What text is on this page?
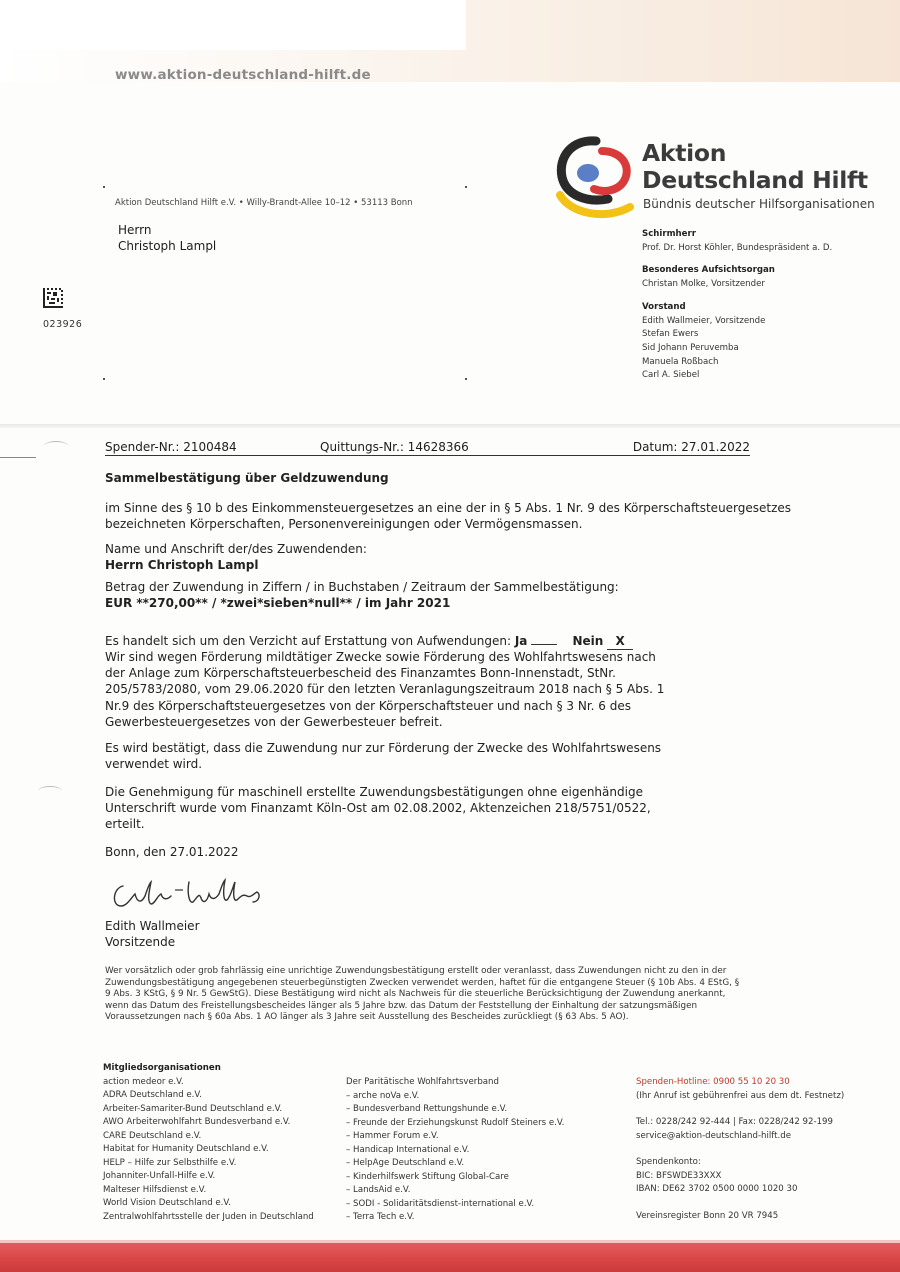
www.aktion-deutschland-hilft.de
Aktion
Deutschland Hilft
Bündnis deutscher Hilfsorganisationen
Aktion Deutschland Hilft e.V. • Willy-Brandt-Allee 10–12 • 53113 Bonn
Herrn
Christoph Lampl
023926
Schirmherr
Prof. Dr. Horst Köhler, Bundespräsident a. D.
Besonderes Aufsichtsorgan
Christan Molke, Vorsitzender
Vorstand
Edith Wallmeier, Vorsitzende
Stefan Ewers
Sid Johann Peruvemba
Manuela Roßbach
Carl A. Siebel
Spender-Nr.: 2100484	Quittungs-Nr.: 14628366	Datum: 27.01.2022
Sammelbestätigung über Geldzuwendung
im Sinne des § 10 b des Einkommensteuergesetzes an eine der in § 5 Abs. 1 Nr. 9 des Körperschaftsteuergesetzes
bezeichneten Körperschaften, Personenvereinigungen oder Vermögensmassen.
Name und Anschrift der/des Zuwendenden:
Herrn Christoph Lampl
Betrag der Zuwendung in Ziffern / in Buchstaben / Zeitraum der Sammelbestätigung:
EUR **270,00** / *zwei*sieben*null** / im Jahr 2021
Es handelt sich um den Verzicht auf Erstattung von Aufwendungen: Ja	Nein X
Wir sind wegen Förderung mildtätiger Zwecke sowie Förderung des Wohlfahrtswesens nach
der Anlage zum Körperschaftsteuerbescheid des Finanzamtes Bonn-Innenstadt, StNr.
205/5783/2080, vom 29.06.2020 für den letzten Veranlagungszeitraum 2018 nach § 5 Abs. 1
Nr.9 des Körperschaftsteuergesetzes von der Körperschaftsteuer und nach § 3 Nr. 6 des
Gewerbesteuergesetzes von der Gewerbesteuer befreit.
Es wird bestätigt, dass die Zuwendung nur zur Förderung der Zwecke des Wohlfahrtswesens
verwendet wird.
Die Genehmigung für maschinell erstellte Zuwendungsbestätigungen ohne eigenhändige
Unterschrift wurde vom Finanzamt Köln-Ost am 02.08.2002, Aktenzeichen 218/5751/0522,
erteilt.
Bonn, den 27.01.2022
Edith Wallmeier
Vorsitzende
Wer vorsätzlich oder grob fahrlässig eine unrichtige Zuwendungsbestätigung erstellt oder veranlasst, dass Zuwendungen nicht zu den in der Zuwendungsbestätigung angegebenen steuerbegünstigten Zwecken verwendet werden, haftet für die entgangene Steuer (§ 10b Abs. 4 EStG, § 9 Abs. 3 KStG, § 9 Nr. 5 GewStG). Diese Bestätigung wird nicht als Nachweis für die steuerliche Berücksichtigung der Zuwendung anerkannt, wenn das Datum des Freistellungsbescheides länger als 5 Jahre bzw. das Datum der Feststellung der Einhaltung der satzungsmäßigen Voraussetzungen nach § 60a Abs. 1 AO länger als 3 Jahre seit Ausstellung des Bescheides zurückliegt (§ 63 Abs. 5 AO).
Mitgliedsorganisationen
action medeor e.V.
ADRA Deutschland e.V.
Arbeiter-Samariter-Bund Deutschland e.V.
AWO Arbeiterwohlfahrt Bundesverband e.V.
CARE Deutschland e.V.
Habitat for Humanity Deutschland e.V.
HELP – Hilfe zur Selbsthilfe e.V.
Johanniter-Unfall-Hilfe e.V.
Malteser Hilfsdienst e.V.
World Vision Deutschland e.V.
Zentralwohlfahrtsstelle der Juden in Deutschland
Der Paritätische Wohlfahrtsverband
– arche noVa e.V.
– Bundesverband Rettungshunde e.V.
– Freunde der Erziehungskunst Rudolf Steiners e.V.
– Hammer Forum e.V.
– Handicap International e.V.
– HelpAge Deutschland e.V.
– Kinderhilfswerk Stiftung Global-Care
– LandsAid e.V.
– SODI - Solidaritätsdienst-international e.V.
– Terra Tech e.V.
Spenden-Hotline: 0900 55 10 20 30
(Ihr Anruf ist gebührenfrei aus dem dt. Festnetz)
Tel.: 0228/242 92-444 | Fax: 0228/242 92-199
service@aktion-deutschland-hilft.de
Spendenkonto:
BIC: BFSWDE33XXX
IBAN: DE62 3702 0500 0000 1020 30
Vereinsregister Bonn 20 VR 7945
